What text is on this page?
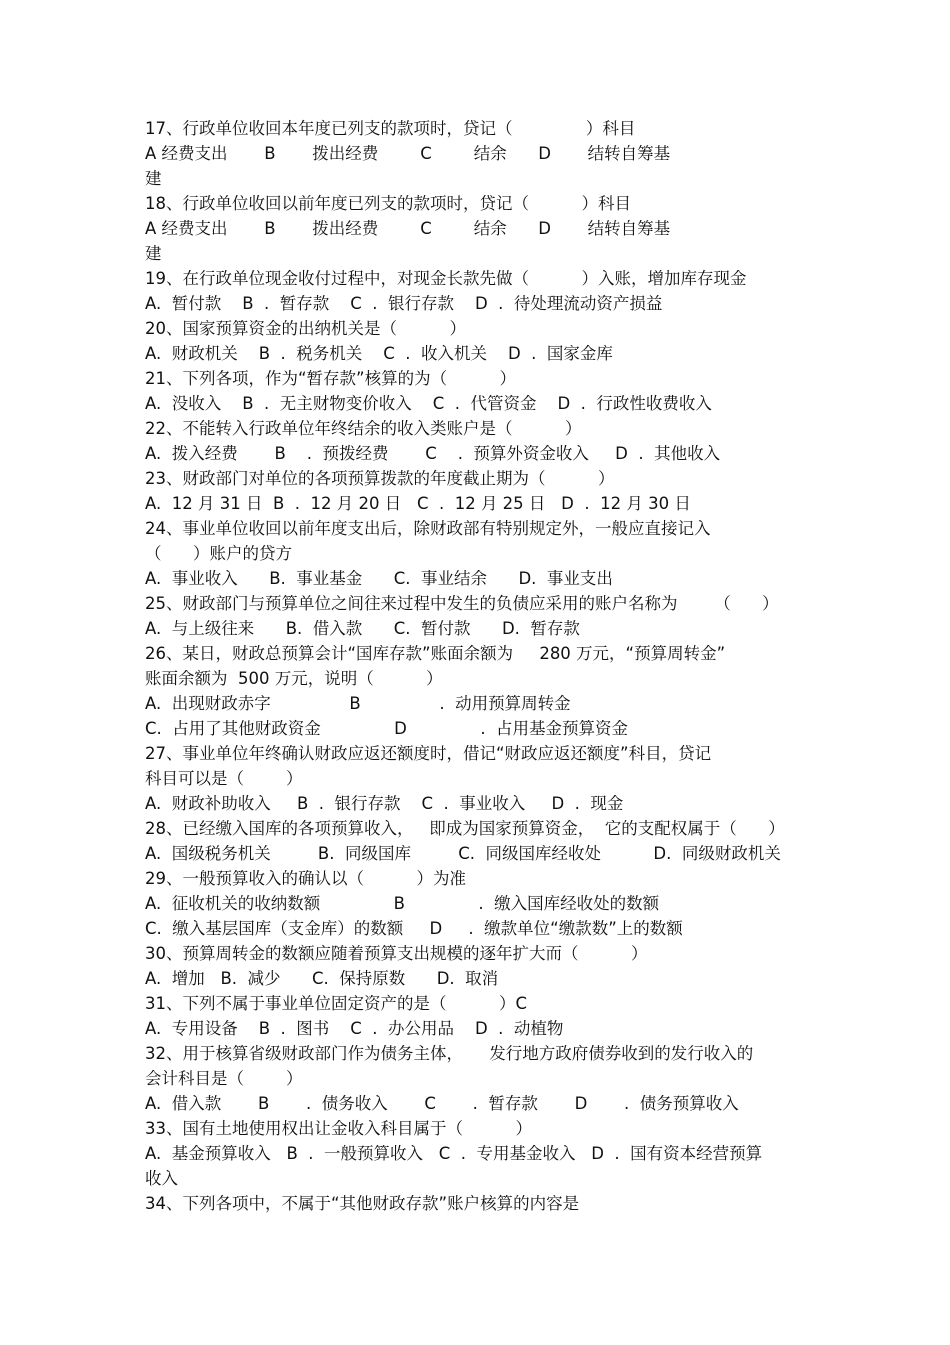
17、行政单位收回本年度已列支的款项时，贷记（              ）科目
A 经费支出       B       拨出经费        C        结余      D       结转自筹基
建
18、行政单位收回以前年度已列支的款项时，贷记（          ）科目
A 经费支出       B       拨出经费        C        结余      D       结转自筹基
建
19、在行政单位现金收付过程中，对现金长款先做（          ）入账，增加库存现金
A.  暂付款    B  .  暂存款    C  .  银行存款    D  .  待处理流动资产损益
20、国家预算资金的出纳机关是（          ）
A.  财政机关    B  .  税务机关    C  .  收入机关    D  .  国家金库
21、下列各项，作为“暂存款”核算的为（          ）
A.  没收入    B  .  无主财物变价收入    C  .  代管资金    D  .  行政性收费收入
22、不能转入行政单位年终结余的收入类账户是（          ）
A.  拨入经费       B    .  预拨经费       C    .  预算外资金收入     D  .  其他收入
23、财政部门对单位的各项预算拨款的年度截止期为（          ）
A.  12 月 31 日  B  .  12 月 20 日   C  .  12 月 25 日   D  .  12 月 30 日
24、事业单位收回以前年度支出后，除财政部有特别规定外，一般应直接记入
（      ）账户的贷方
A.  事业收入      B.  事业基金      C.  事业结余      D.  事业支出
25、财政部门与预算单位之间往来过程中发生的负债应采用的账户名称为       （      ）
A.  与上级往来      B.  借入款      C.  暂付款      D.  暂存款
26、某日，财政总预算会计“国库存款”账面余额为     280 万元，“预算周转金”
账面余额为  500 万元，说明（          ）
A.  出现财政赤字               B               .  动用预算周转金
C.  占用了其他财政资金              D              .  占用基金预算资金
27、事业单位年终确认财政应返还额度时，借记“财政应返还额度”科目，贷记
科目可以是（        ）
A.  财政补助收入     B  .  银行存款    C  .  事业收入     D  .  现金
28、已经缴入国库的各项预算收入，   即成为国家预算资金，  它的支配权属于（      ）
A.  国级税务机关         B.  同级国库         C.  同级国库经收处          D.  同级财政机关
29、一般预算收入的确认以（          ）为准
A.  征收机关的收纳数额              B              .  缴入国库经收处的数额
C.  缴入基层国库（支金库）的数额     D     .  缴款单位“缴款数”上的数额
30、预算周转金的数额应随着预算支出规模的逐年扩大而（          ）
A.  增加   B.  减少      C.  保持原数      D.  取消
31、下列不属于事业单位固定资产的是（          ）C
A.  专用设备    B  .  图书    C  .  办公用品    D  .  动植物
32、用于核算省级财政部门作为债务主体，     发行地方政府债券收到的发行收入的
会计科目是（        ）
A.  借入款       B       .  债务收入       C       .  暂存款       D       .  债务预算收入
33、国有土地使用权出让金收入科目属于（          ）
A.  基金预算收入   B  .  一般预算收入   C  .  专用基金收入   D  .  国有资本经营预算
收入
34、下列各项中，不属于“其他财政存款”账户核算的内容是
